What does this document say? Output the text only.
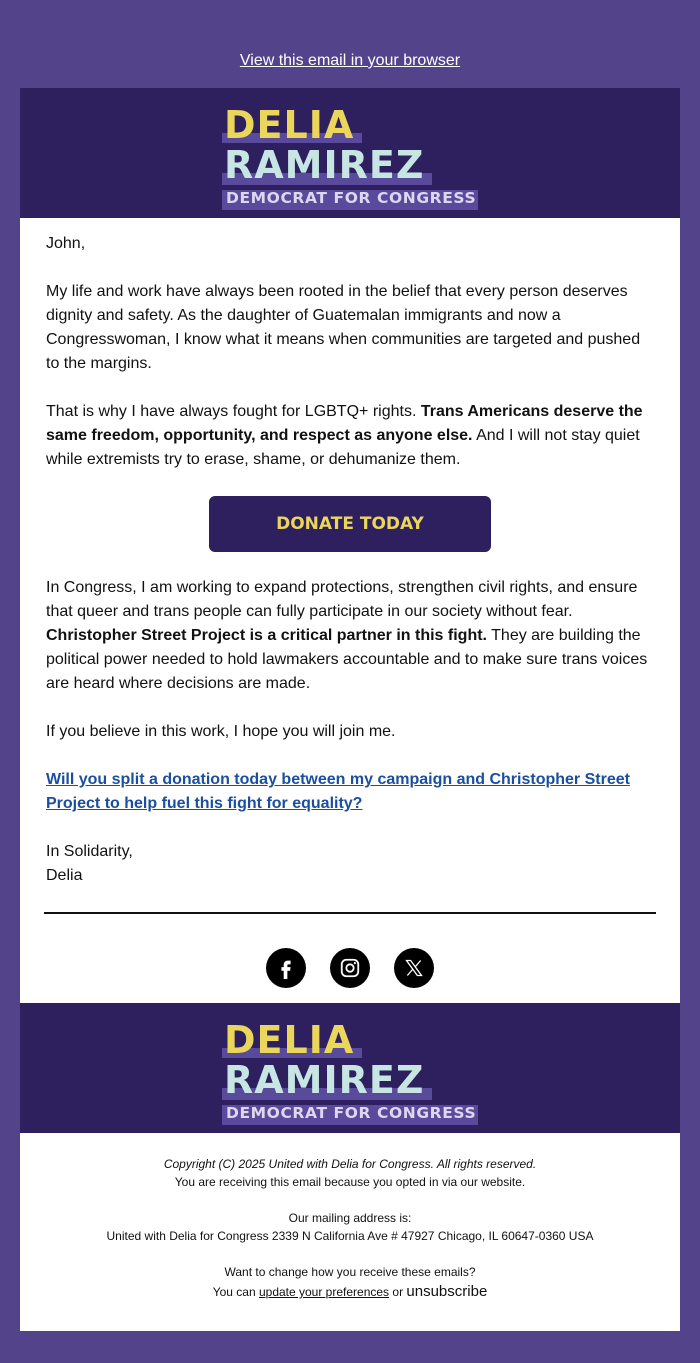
View this email in your browser
DELIA
RAMIREZ
DEMOCRAT FOR CONGRESS

John,

My life and work have always been rooted in the belief that every person deserves dignity and safety. As the daughter of Guatemalan immigrants and now a Congresswoman, I know what it means when communities are targeted and pushed to the margins.

That is why I have always fought for LGBTQ+ rights. Trans Americans deserve the same freedom, opportunity, and respect as anyone else. And I will not stay quiet while extremists try to erase, shame, or dehumanize them.

DONATE TODAY

In Congress, I am working to expand protections, strengthen civil rights, and ensure that queer and trans people can fully participate in our society without fear. Christopher Street Project is a critical partner in this fight. They are building the political power needed to hold lawmakers accountable and to make sure trans voices are heard where decisions are made.

If you believe in this work, I hope you will join me.

Will you split a donation today between my campaign and Christopher Street Project to help fuel this fight for equality?

In Solidarity,
Delia

DELIA
RAMIREZ
DEMOCRAT FOR CONGRESS
Copyright (C) 2025 United with Delia for Congress. All rights reserved.
You are receiving this email because you opted in via our website.
Our mailing address is:
United with Delia for Congress 2339 N California Ave # 47927 Chicago, IL 60647-0360 USA
Want to change how you receive these emails?
You can update your preferences or unsubscribe
